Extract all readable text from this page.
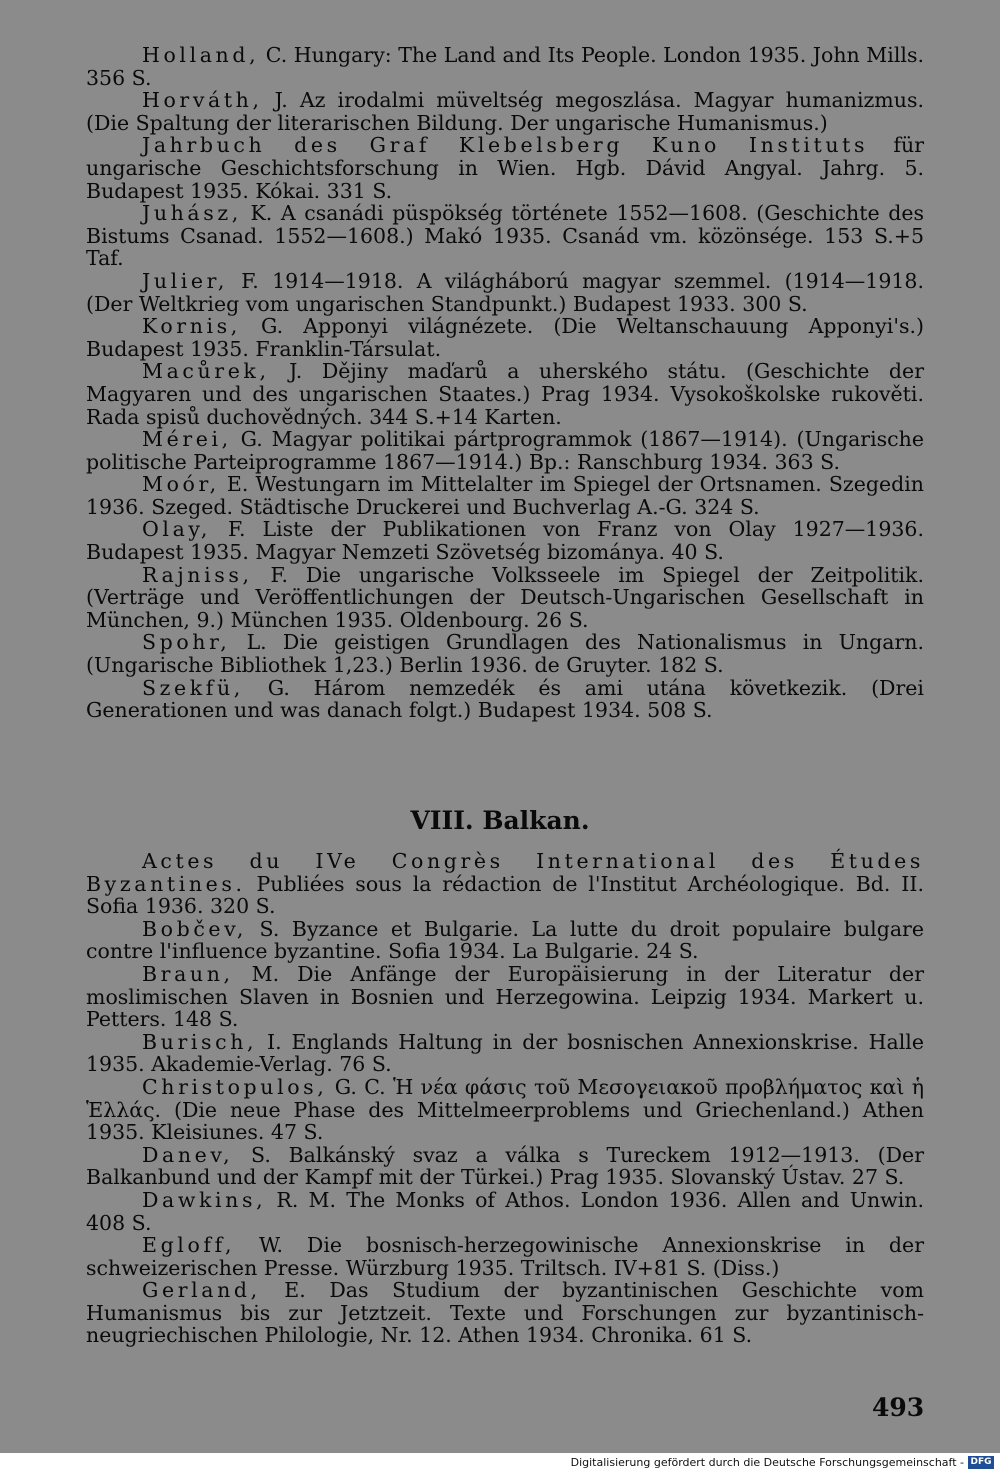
Holland, C. Hungary: The Land and Its People. London 1935. John Mills. 356 S.

Horváth, J. Az irodalmi müveltség megoszlása. Magyar humanizmus. (Die Spaltung der literarischen Bildung. Der ungarische Humanismus.)

Jahrbuch des Graf Klebelsberg Kuno Instituts für ungarische Geschichtsforschung in Wien. Hgb. Dávid Angyal. Jahrg. 5. Budapest 1935. Kókai. 331 S.

Juhász, K. A csanádi püspökség története 1552—1608. (Geschichte des Bistums Csanad. 1552—1608.) Makó 1935. Csanád vm. közönsége. 153 S.+5 Taf.

Julier, F. 1914—1918. A világháború magyar szemmel. (1914—1918. (Der Weltkrieg vom ungarischen Standpunkt.) Budapest 1933. 300 S.

Kornis, G. Apponyi világnézete. (Die Weltanschauung Apponyi's.) Budapest 1935. Franklin-Társulat.

Macůrek, J. Dějiny maďarů a uherského státu. (Geschichte der Magyaren und des ungarischen Staates.) Prag 1934. Vysokoškolske rukověti. Rada spisů duchovědných. 344 S.+14 Karten.

Mérei, G. Magyar politikai pártprogrammok (1867—1914). (Ungarische politische Parteiprogramme 1867—1914.) Bp.: Ranschburg 1934. 363 S.

Moór, E. Westungarn im Mittelalter im Spiegel der Ortsnamen. Szegedin 1936. Szeged. Städtische Druckerei und Buchverlag A.-G. 324 S.

Olay, F. Liste der Publikationen von Franz von Olay 1927—1936. Budapest 1935. Magyar Nemzeti Szövetség bizománya. 40 S.

Rajniss, F. Die ungarische Volksseele im Spiegel der Zeitpolitik. (Verträge und Veröffentlichungen der Deutsch-Ungarischen Gesellschaft in München, 9.) München 1935. Oldenbourg. 26 S.

Spohr, L. Die geistigen Grundlagen des Nationalismus in Ungarn. (Ungarische Bibliothek 1,23.) Berlin 1936. de Gruyter. 182 S.

Szekfü, G. Három nemzedék és ami utána következik. (Drei Generationen und was danach folgt.) Budapest 1934. 508 S.

VIII. Balkan.

Actes du IVe Congrès International des Études Byzantines. Publiées sous la rédaction de l'Institut Archéologique. Bd. II. Sofia 1936. 320 S.

Bobčev, S. Byzance et Bulgarie. La lutte du droit populaire bulgare contre l'influence byzantine. Sofia 1934. La Bulgarie. 24 S.

Braun, M. Die Anfänge der Europäisierung in der Literatur der moslimischen Slaven in Bosnien und Herzegowina. Leipzig 1934. Markert u. Petters. 148 S.

Burisch, I. Englands Haltung in der bosnischen Annexionskrise. Halle 1935. Akademie-Verlag. 76 S.

Christopulos, G. C. Ἡ νέα φάσις τοῦ Μεσογειακοῦ προβλήματος καὶ ἡ Ἑλλάς. (Die neue Phase des Mittelmeerproblems und Griechenland.) Athen 1935. Kleisiunes. 47 S.

Danev, S. Balkánský svaz a válka s Tureckem 1912—1913. (Der Balkanbund und der Kampf mit der Türkei.) Prag 1935. Slovanský Ústav. 27 S.

Dawkins, R. M. The Monks of Athos. London 1936. Allen and Unwin. 408 S.

Egloff, W. Die bosnisch-herzegowinische Annexionskrise in der schweizerischen Presse. Würzburg 1935. Triltsch. IV+81 S. (Diss.)

Gerland, E. Das Studium der byzantinischen Geschichte vom Humanismus bis zur Jetztzeit. Texte und Forschungen zur byzantinisch-neugriechischen Philologie, Nr. 12. Athen 1934. Chronika. 61 S.

493
Digitalisierung gefördert durch die Deutsche Forschungsgemeinschaft - DFG
